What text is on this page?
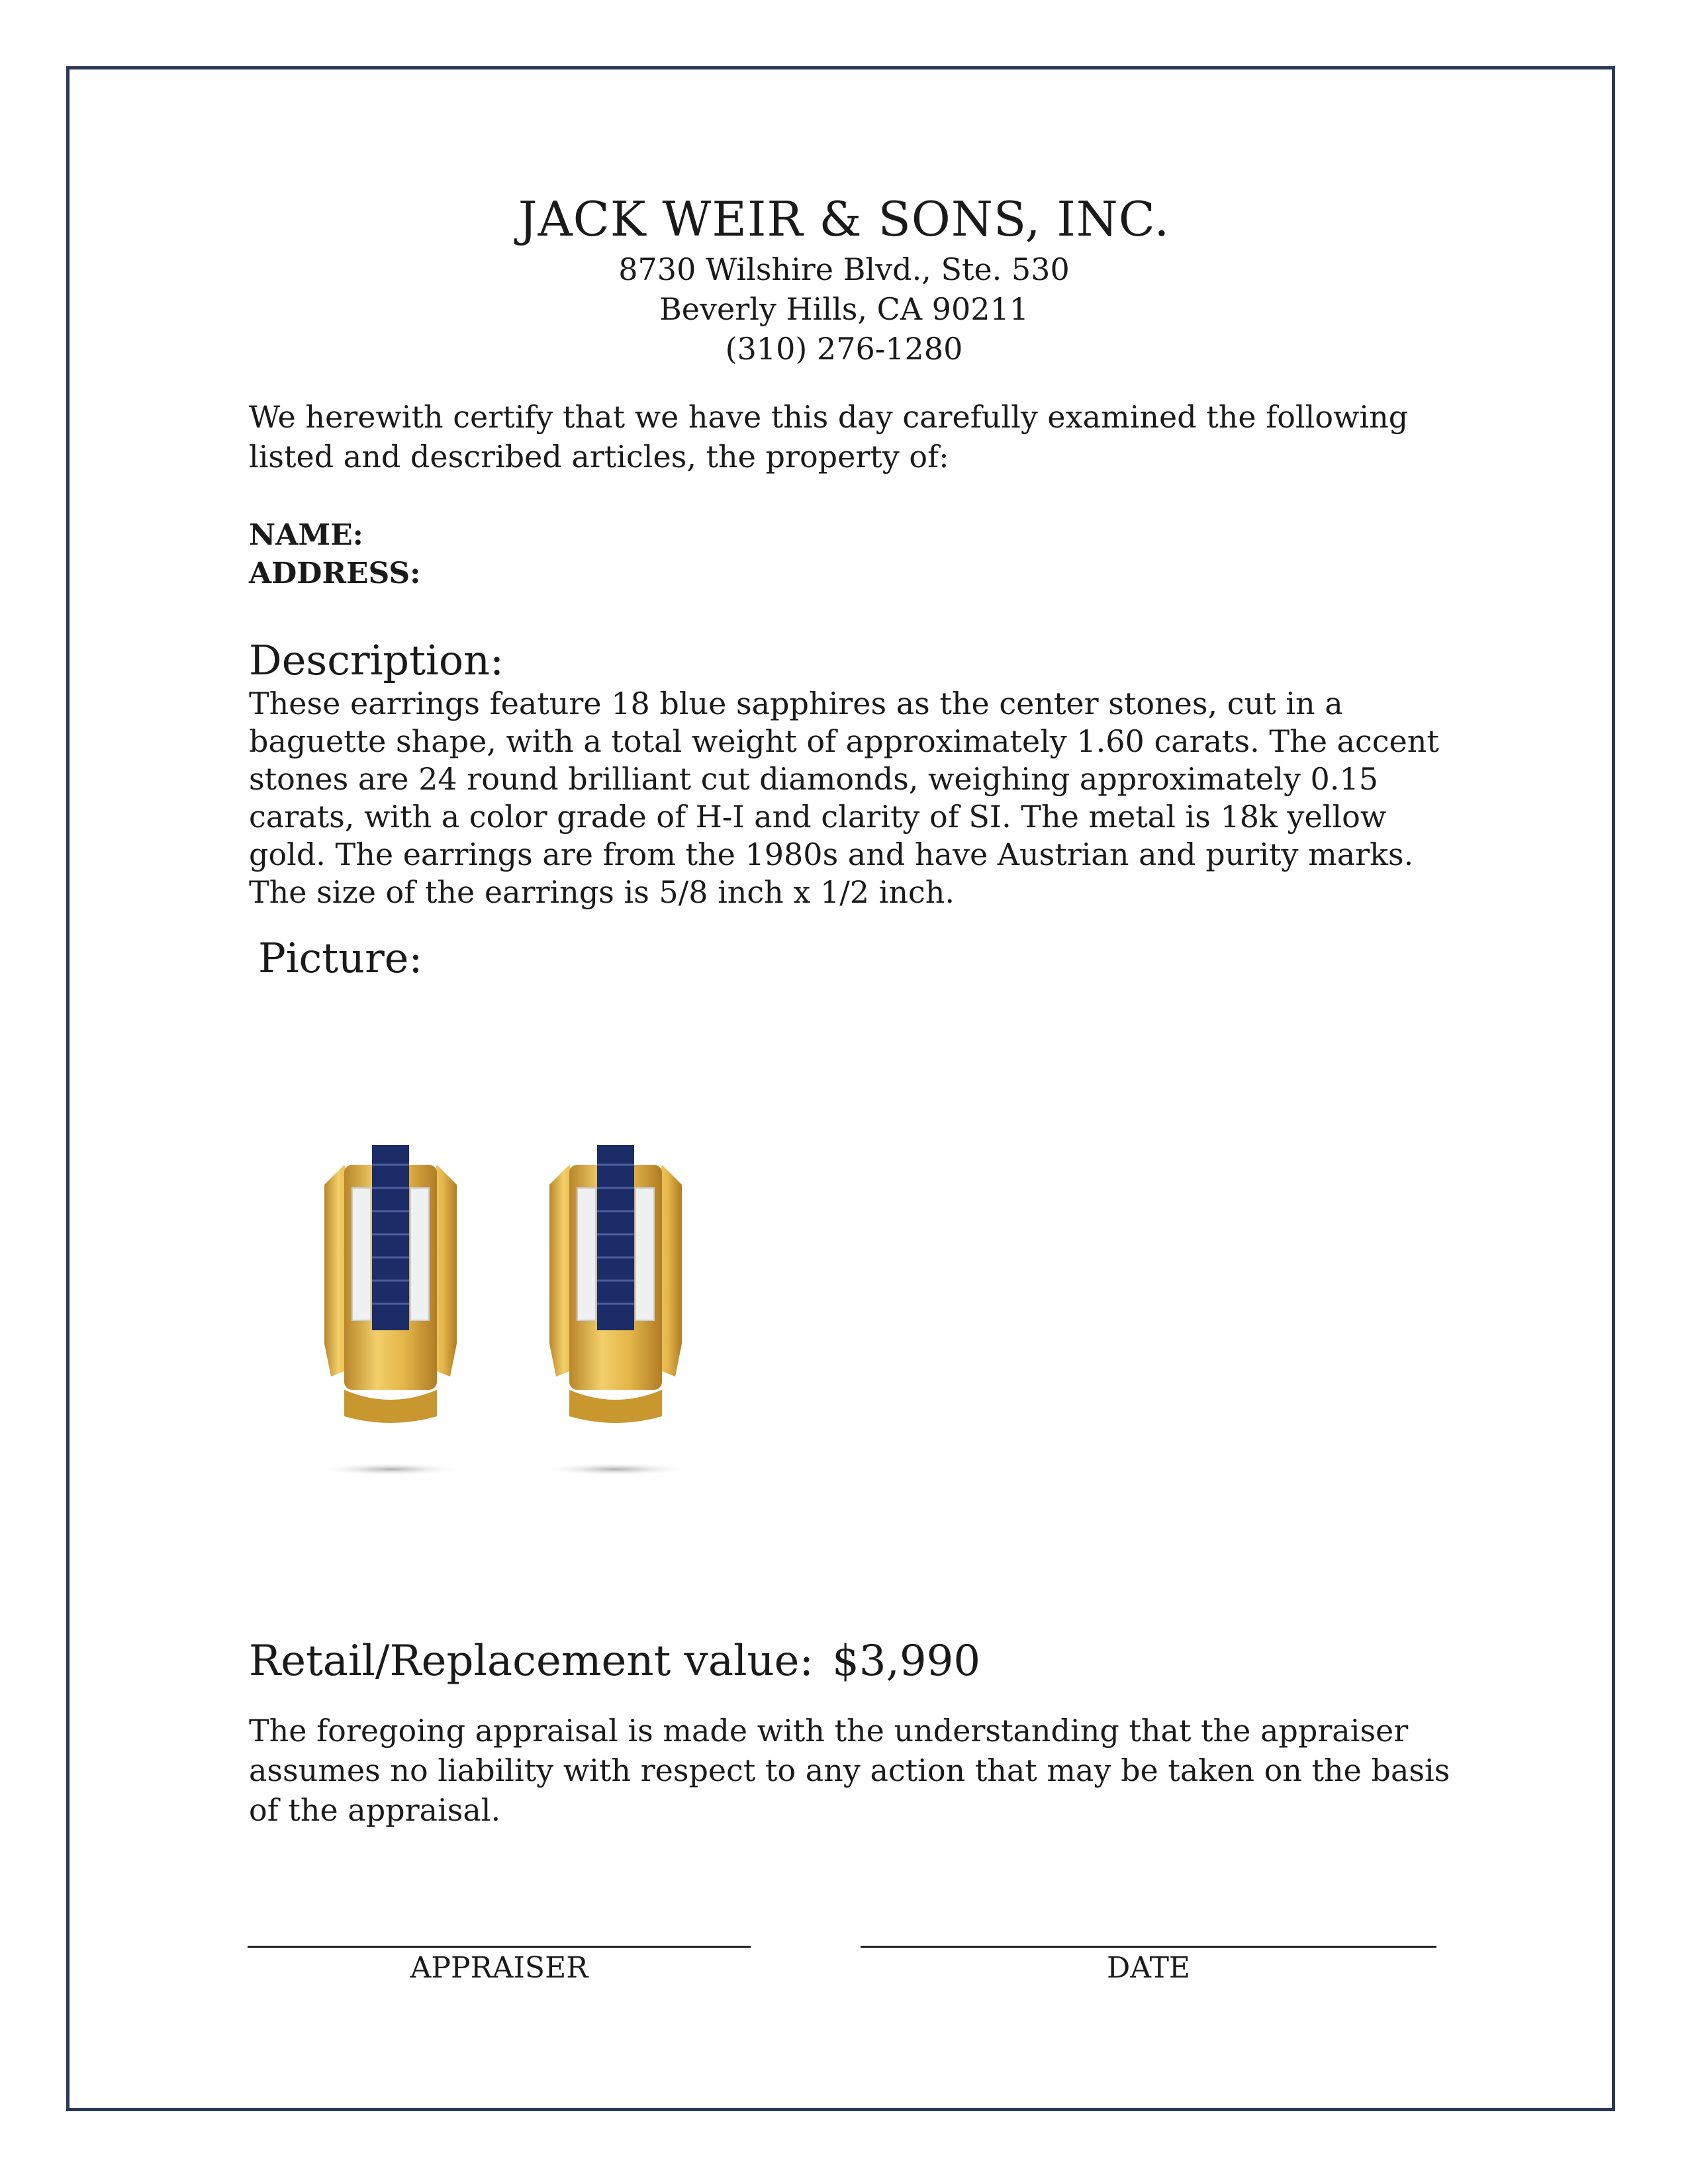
JACK WEIR & SONS, INC.

8730 Wilshire Blvd., Ste. 530

Beverly Hills, CA 90211

(310) 276-1280

We herewith certify that we have this day carefully examined the following listed and described articles, the property of:
NAME:
ADDRESS:
Description:
These earrings feature 18 blue sapphires as the center stones, cut in a baguette shape, with a total weight of approximately 1.60 carats. The accent stones are 24 round brilliant cut diamonds, weighing approximately 0.15 carats, with a color grade of H-I and clarity of SI. The metal is 18k yellow gold. The earrings are from the 1980s and have Austrian and purity marks. The size of the earrings is 5/8 inch x 1/2 inch.
Picture:
Retail/Replacement value: $3,990
The foregoing appraisal is made with the understanding that the appraiser assumes no liability with respect to any action that may be taken on the basis of the appraisal.
APPRAISER	DATE
